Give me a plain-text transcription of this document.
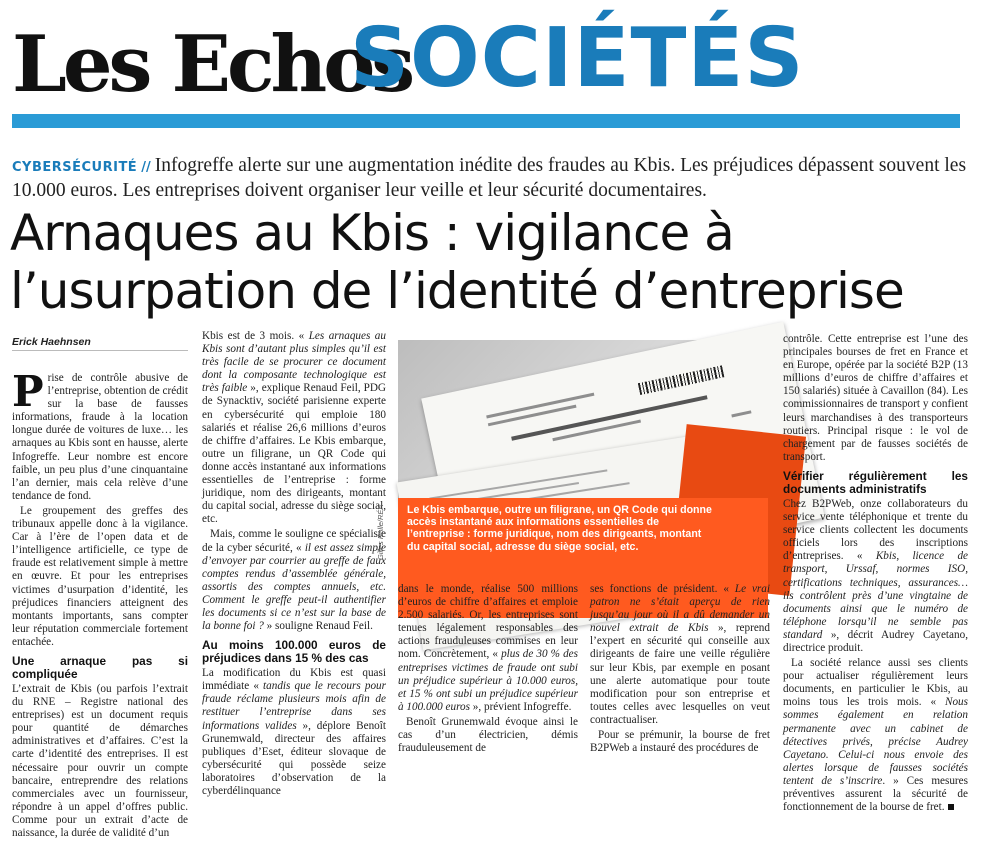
Les Echos
SOCIÉTÉS
CYBERSÉCURITÉ // Infogreffe alerte sur une augmentation inédite des fraudes au Kbis. Les préjudices dépassent souvent les 10.000 euros. Les entreprises doivent organiser leur veille et leur sécurité documentaires.
Arnaques au Kbis : vigilance à
l’usurpation de l’identité d’entreprise
Erick Haehnsen

Prise de contrôle abusive de l’entreprise, obtention de crédit sur la base de fausses informations, fraude à la location longue durée de voitures de luxe… les arnaques au Kbis sont en hausse, alerte Infogreffe. Leur nombre est encore faible, un peu plus d’une cinquantaine l’an dernier, mais cela relève d’une tendance de fond.

Le groupement des greffes des tribunaux appelle donc à la vigilance. Car à l’ère de l’open data et de l’intelligence artificielle, ce type de fraude est relativement simple à mettre en œuvre. Et pour les entreprises victimes d’usurpation d’identité, les préjudices financiers atteignent des montants importants, sans compter leur réputation commerciale fortement entachée.

Une arnaque pas si compliquée

L’extrait de Kbis (ou parfois l’extrait du RNE – Registre national des entreprises) est un document requis pour quantité de démarches administratives et d’affaires. C’est la carte d’identité des entreprises. Il est nécessaire pour ouvrir un compte bancaire, entreprendre des relations commerciales avec un fournisseur, répondre à un appel d’offres public. Comme pour un extrait d’acte de naissance, la durée de validité d’un

Kbis est de 3 mois. « Les arnaques au Kbis sont d’autant plus simples qu’il est très facile de se procurer ce document dont la composante technologique est très faible », explique Renaud Feil, PDG de Synacktiv, société parisienne experte en cybersécurité qui emploie 180 salariés et réalise 26,6 millions d’euros de chiffre d’affaires. Le Kbis embarque, outre un filigrane, un QR Code qui donne accès instantané aux informations essentielles de l’entreprise : forme juridique, nom des dirigeants, montant du capital social, adresse du siège social, etc.

Mais, comme le souligne ce spécialiste de la cyber sécurité, « il est assez simple d’envoyer par courrier au greffe de faux comptes rendus d’assemblée générale, assortis des comptes annuels, etc. Comment le greffe peut-il authentifier les documents si ce n’est sur la base de la bonne foi ? » souligne Renaud Feil.

Au moins 100.000 euros de préjudices dans 15 % des cas

La modification du Kbis est quasi immédiate « tandis que le recours pour fraude réclame plusieurs mois afin de restituer l’entreprise dans ses informations valides », déplore Benoît Grunemwald, directeur des affaires publiques d’Eset, éditeur slovaque de cybersécurité qui possède seize laboratoires d’observation de la cyberdélinquance

Le Kbis embarque, outre un filigrane, un QR Code qui donne accès instantané aux informations essentielles de l’entreprise : forme juridique, nom des dirigeants, montant du capital social, adresse du siège social, etc.
Gilles Rolle/RÉA

dans le monde, réalise 500 millions d’euros de chiffre d’affaires et emploie 2.500 salariés. Or, les entreprises sont tenues légalement responsables des actions frauduleuses commises en leur nom. Concrètement, « plus de 30 % des entreprises victimes de fraude ont subi un préjudice supérieur à 10.000 euros, et 15 % ont subi un préjudice supérieur à 100.000 euros », prévient Infogreffe.

Benoît Grunemwald évoque ainsi le cas d’un électricien, démis frauduleusement de

ses fonctions de président. « Le vrai patron ne s’était aperçu de rien jusqu’au jour où il a dû demander un nouvel extrait de Kbis », reprend l’expert en sécurité qui conseille aux dirigeants de faire une veille régulière sur leur Kbis, par exemple en posant une alerte automatique pour toute modification pour son entreprise et toutes celles avec lesquelles on veut contractualiser.

Pour se prémunir, la bourse de fret B2PWeb a instauré des procédures de

contrôle. Cette entreprise est l’une des principales bourses de fret en France et en Europe, opérée par la société B2P (13 millions d’euros de chiffre d’affaires et 150 salariés) située à Cavaillon (84). Les commissionnaires de transport y confient leurs marchandises à des transporteurs routiers. Principal risque : le vol de chargement par de fausses sociétés de transport.

Vérifier régulièrement les documents administratifs

Chez B2PWeb, onze collaborateurs du service vente téléphonique et trente du service clients collectent les documents officiels lors des inscriptions d’entreprises. « Kbis, licence de transport, Urssaf, normes ISO, certifications techniques, assurances… ils contrôlent près d’une vingtaine de documents ainsi que le numéro de téléphone lorsqu’il ne semble pas standard », décrit Audrey Cayetano, directrice produit.

La société relance aussi ses clients pour actualiser régulièrement leurs documents, en particulier le Kbis, au moins tous les trois mois. « Nous sommes également en relation permanente avec un cabinet de détectives privés, précise Audrey Cayetano. Celui-ci nous envoie des alertes lorsque de fausses sociétés tentent de s’inscrire. » Ces mesures préventives assurent la sécurité de fonctionnement de la bourse de fret.
